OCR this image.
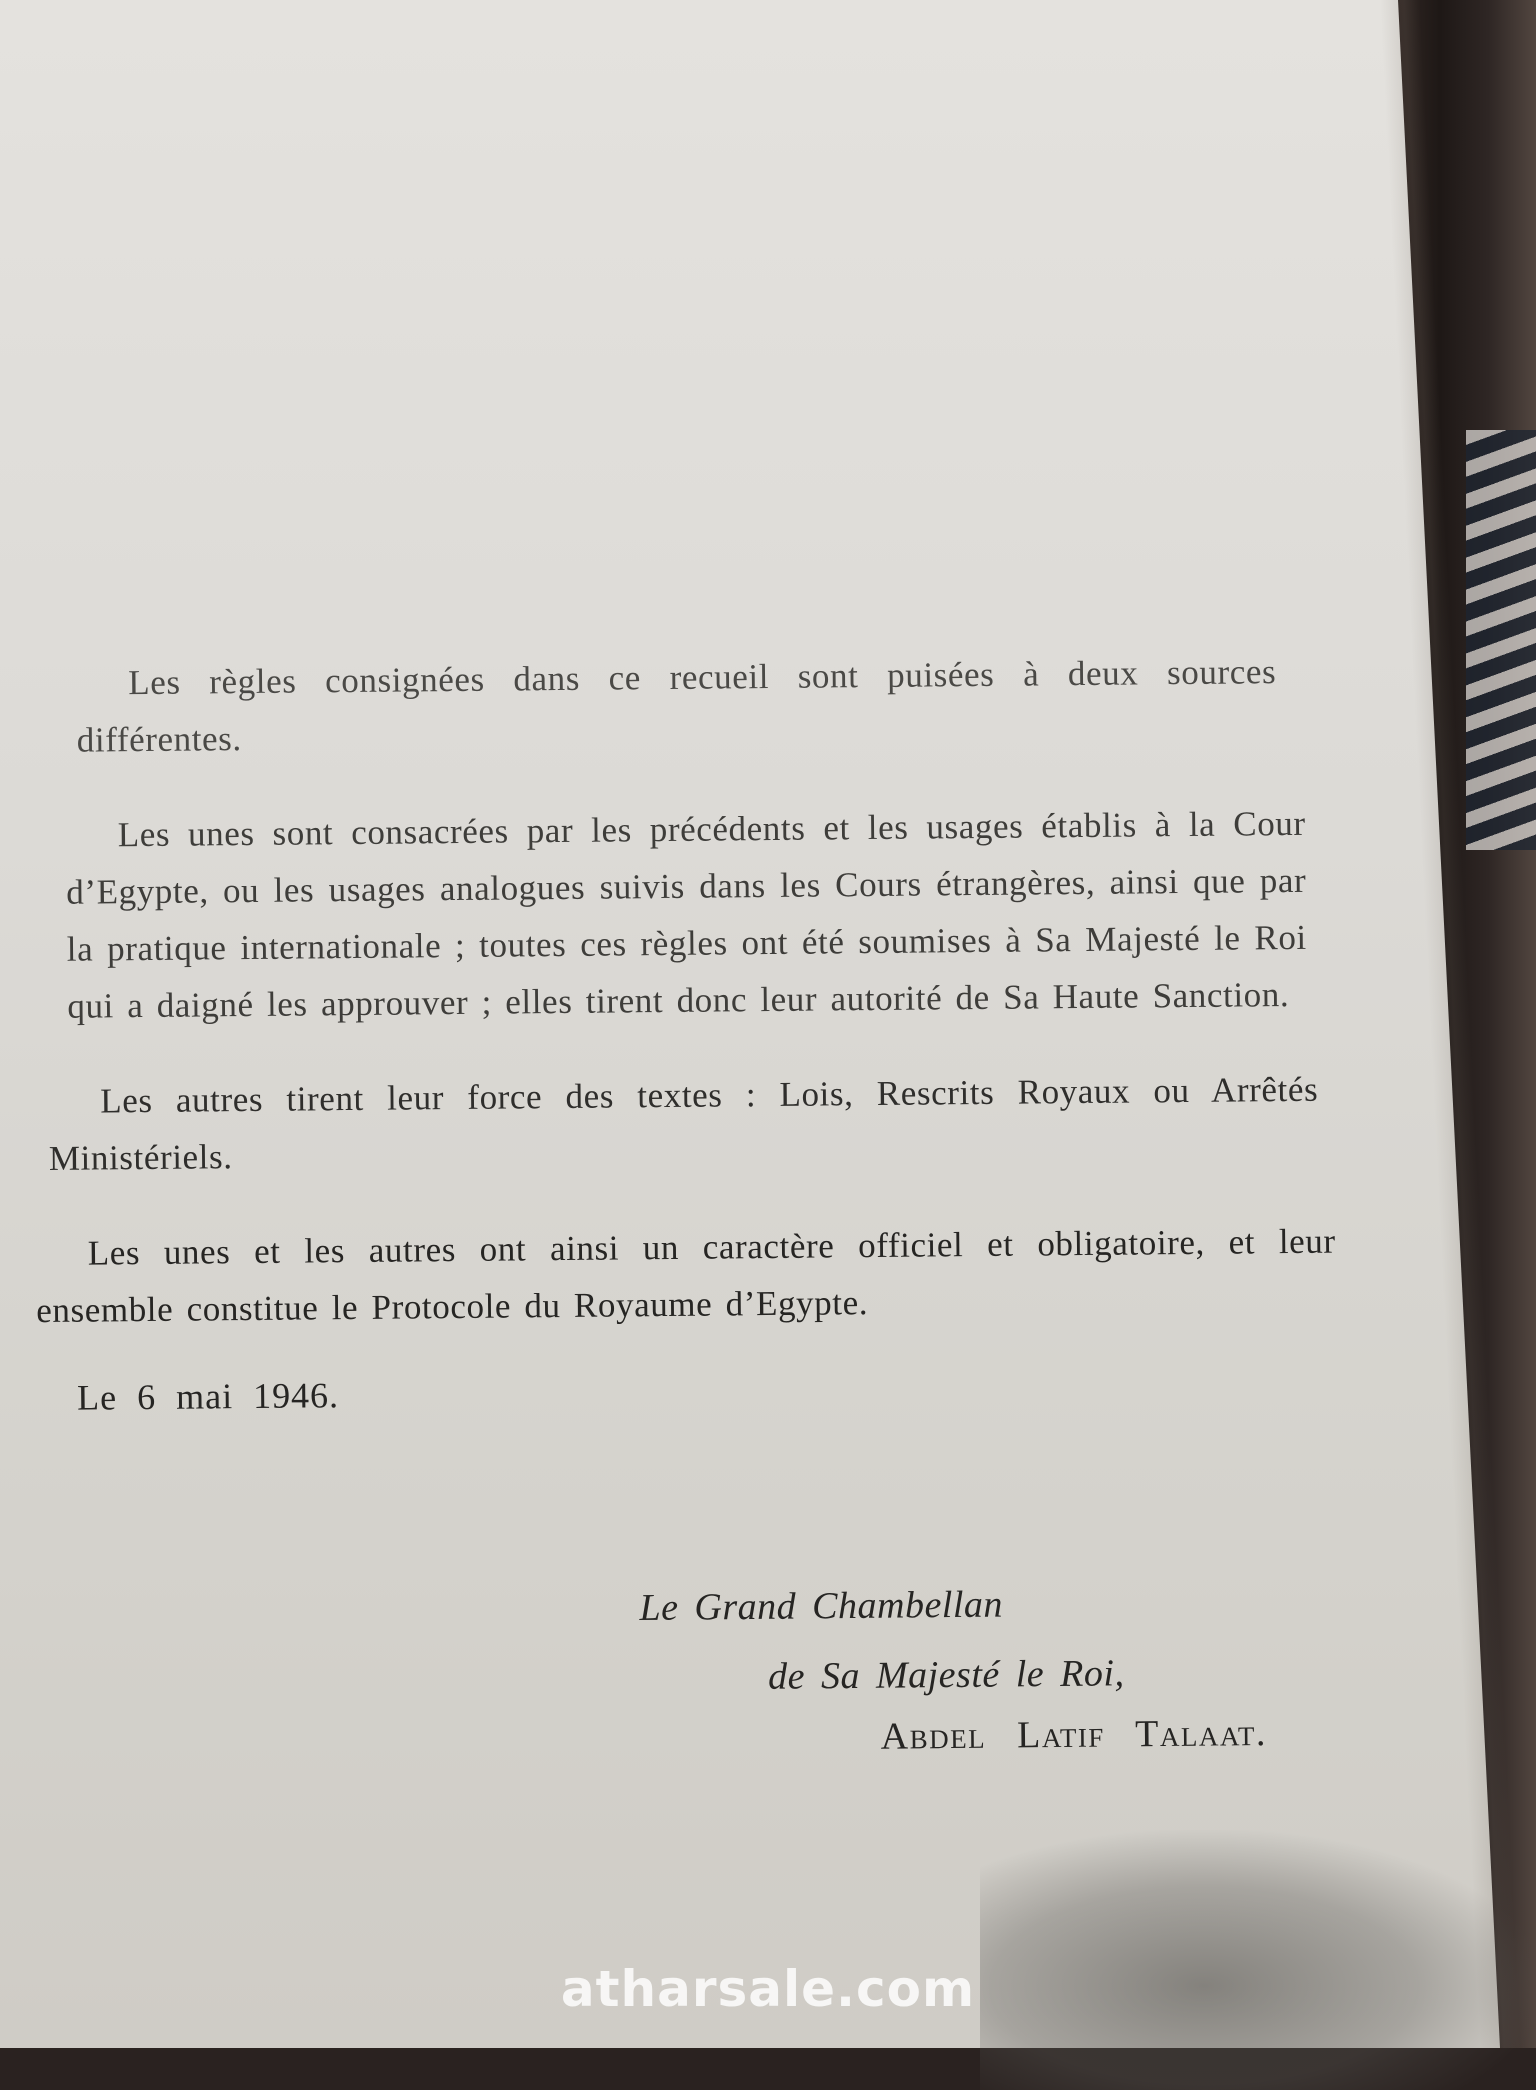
Les règles consignées dans ce recueil sont puisées à deux sources différentes.

Les unes sont consacrées par les précédents et les usages établis à la Cour d’Egypte, ou les usages analogues suivis dans les Cours étrangères, ainsi que par la pratique internationale ; toutes ces règles ont été soumises à Sa Majesté le Roi qui a daigné les approuver ; elles tirent donc leur autorité de Sa Haute Sanction.

Les autres tirent leur force des textes : Lois, Rescrits Royaux ou Arrêtés Ministériels.

Les unes et les autres ont ainsi un caractère officiel et obligatoire, et leur ensemble constitue le Protocole du Royaume d’Egypte.

Le 6 mai 1946.
Le Grand Chambellan
de Sa Majesté le Roi,
Abdel Latif Talaat.
atharsale.com
